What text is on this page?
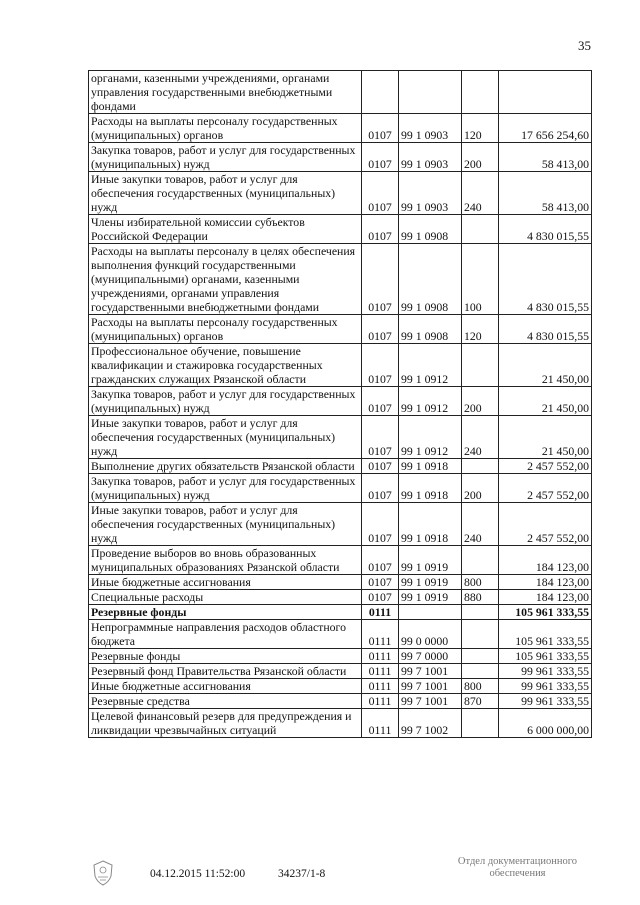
35
органами, казенными учреждениями, органами управления государственными внебюджетными фондами				
Расходы на выплаты персоналу государственных (муниципальных) органов	0107	99 1 0903	120	17 656 254,60
Закупка товаров, работ и услуг для государственных (муниципальных) нужд	0107	99 1 0903	200	58 413,00
Иные закупки товаров, работ и услуг для обеспечения государственных (муниципальных) нужд	0107	99 1 0903	240	58 413,00
Члены избирательной комиссии субъектов Российской Федерации	0107	99 1 0908		4 830 015,55
Расходы на выплаты персоналу в целях обеспечения выполнения функций государственными (муниципальными) органами, казенными учреждениями, органами управления государственными внебюджетными фондами	0107	99 1 0908	100	4 830 015,55
Расходы на выплаты персоналу государственных (муниципальных) органов	0107	99 1 0908	120	4 830 015,55
Профессиональное обучение, повышение квалификации и стажировка государственных гражданских служащих Рязанской области	0107	99 1 0912		21 450,00
Закупка товаров, работ и услуг для государственных (муниципальных) нужд	0107	99 1 0912	200	21 450,00
Иные закупки товаров, работ и услуг для обеспечения государственных (муниципальных) нужд	0107	99 1 0912	240	21 450,00
Выполнение других обязательств Рязанской области	0107	99 1 0918		2 457 552,00
Закупка товаров, работ и услуг для государственных (муниципальных) нужд	0107	99 1 0918	200	2 457 552,00
Иные закупки товаров, работ и услуг для обеспечения государственных (муниципальных) нужд	0107	99 1 0918	240	2 457 552,00
Проведение выборов во вновь образованных муниципальных образованиях Рязанской области	0107	99 1 0919		184 123,00
Иные бюджетные ассигнования	0107	99 1 0919	800	184 123,00
Специальные расходы	0107	99 1 0919	880	184 123,00
Резервные фонды	0111			105 961 333,55
Непрограммные направления расходов областного бюджета	0111	99 0 0000		105 961 333,55
Резервные фонды	0111	99 7 0000		105 961 333,55
Резервный фонд Правительства Рязанской области	0111	99 7 1001		99 961 333,55
Иные бюджетные ассигнования	0111	99 7 1001	800	99 961 333,55
Резервные средства	0111	99 7 1001	870	99 961 333,55
Целевой финансовый резерв для предупреждения и ликвидации чрезвычайных ситуаций	0111	99 7 1002		6 000 000,00
04.12.2015 11:52:00	34237/1-8
Отдел документационного
обеспечения
